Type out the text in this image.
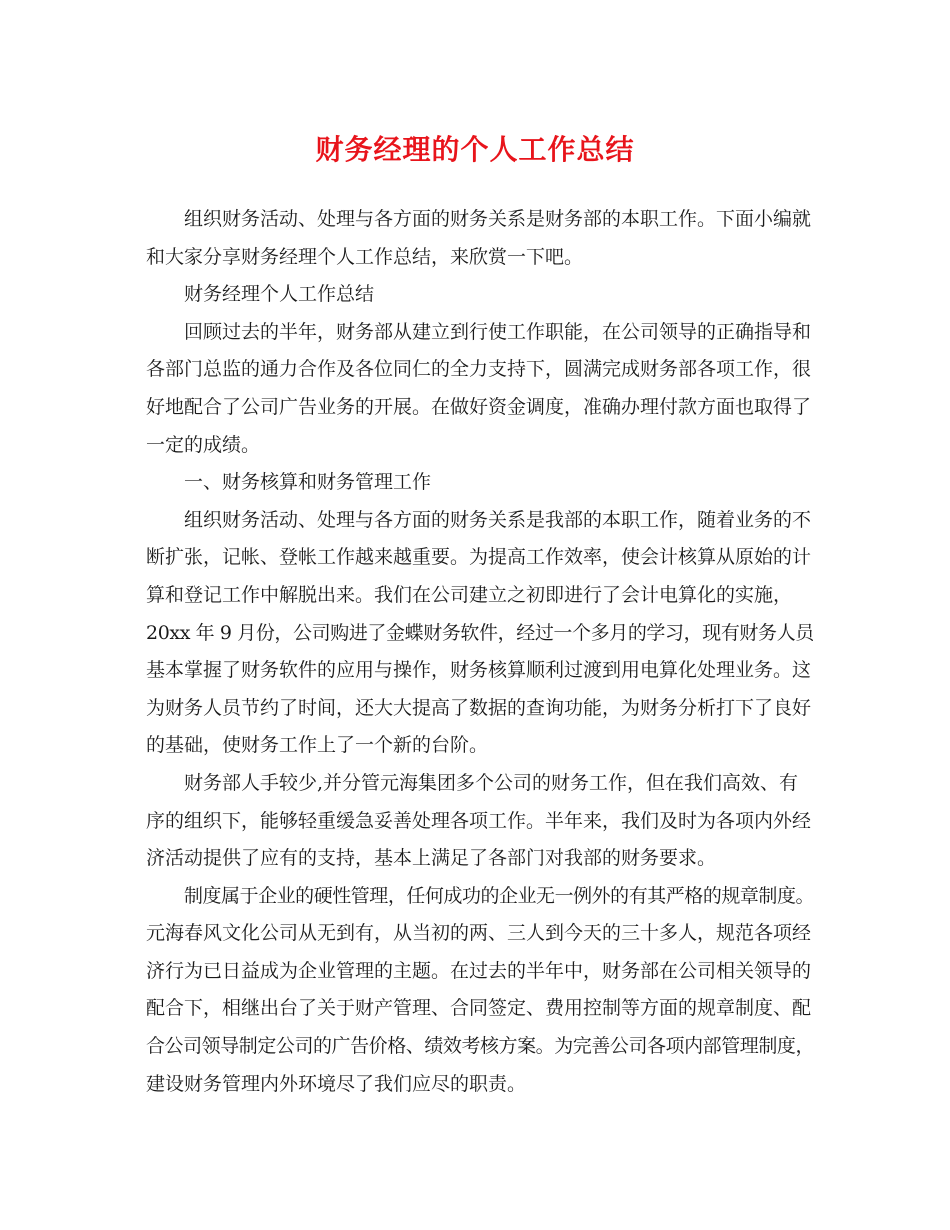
财务经理的个人工作总结
组织财务活动、处理与各方面的财务关系是财务部的本职工作。下面小编就
和大家分享财务经理个人工作总结，来欣赏一下吧。
财务经理个人工作总结
回顾过去的半年，财务部从建立到行使工作职能，在公司领导的正确指导和
各部门总监的通力合作及各位同仁的全力支持下，圆满完成财务部各项工作，很
好地配合了公司广告业务的开展。在做好资金调度，准确办理付款方面也取得了
一定的成绩。
一、财务核算和财务管理工作
组织财务活动、处理与各方面的财务关系是我部的本职工作，随着业务的不
断扩张，记帐、登帐工作越来越重要。为提高工作效率，使会计核算从原始的计
算和登记工作中解脱出来。我们在公司建立之初即进行了会计电算化的实施，
20xx 年 9 月份，公司购进了金蝶财务软件，经过一个多月的学习，现有财务人员
基本掌握了财务软件的应用与操作，财务核算顺利过渡到用电算化处理业务。这
为财务人员节约了时间，还大大提高了数据的查询功能，为财务分析打下了良好
的基础，使财务工作上了一个新的台阶。
财务部人手较少,并分管元海集团多个公司的财务工作，但在我们高效、有
序的组织下，能够轻重缓急妥善处理各项工作。半年来，我们及时为各项内外经
济活动提供了应有的支持，基本上满足了各部门对我部的财务要求。
制度属于企业的硬性管理，任何成功的企业无一例外的有其严格的规章制度。
元海春风文化公司从无到有，从当初的两、三人到今天的三十多人，规范各项经
济行为已日益成为企业管理的主题。在过去的半年中，财务部在公司相关领导的
配合下，相继出台了关于财产管理、合同签定、费用控制等方面的规章制度、配
合公司领导制定公司的广告价格、绩效考核方案。为完善公司各项内部管理制度，
建设财务管理内外环境尽了我们应尽的职责。
